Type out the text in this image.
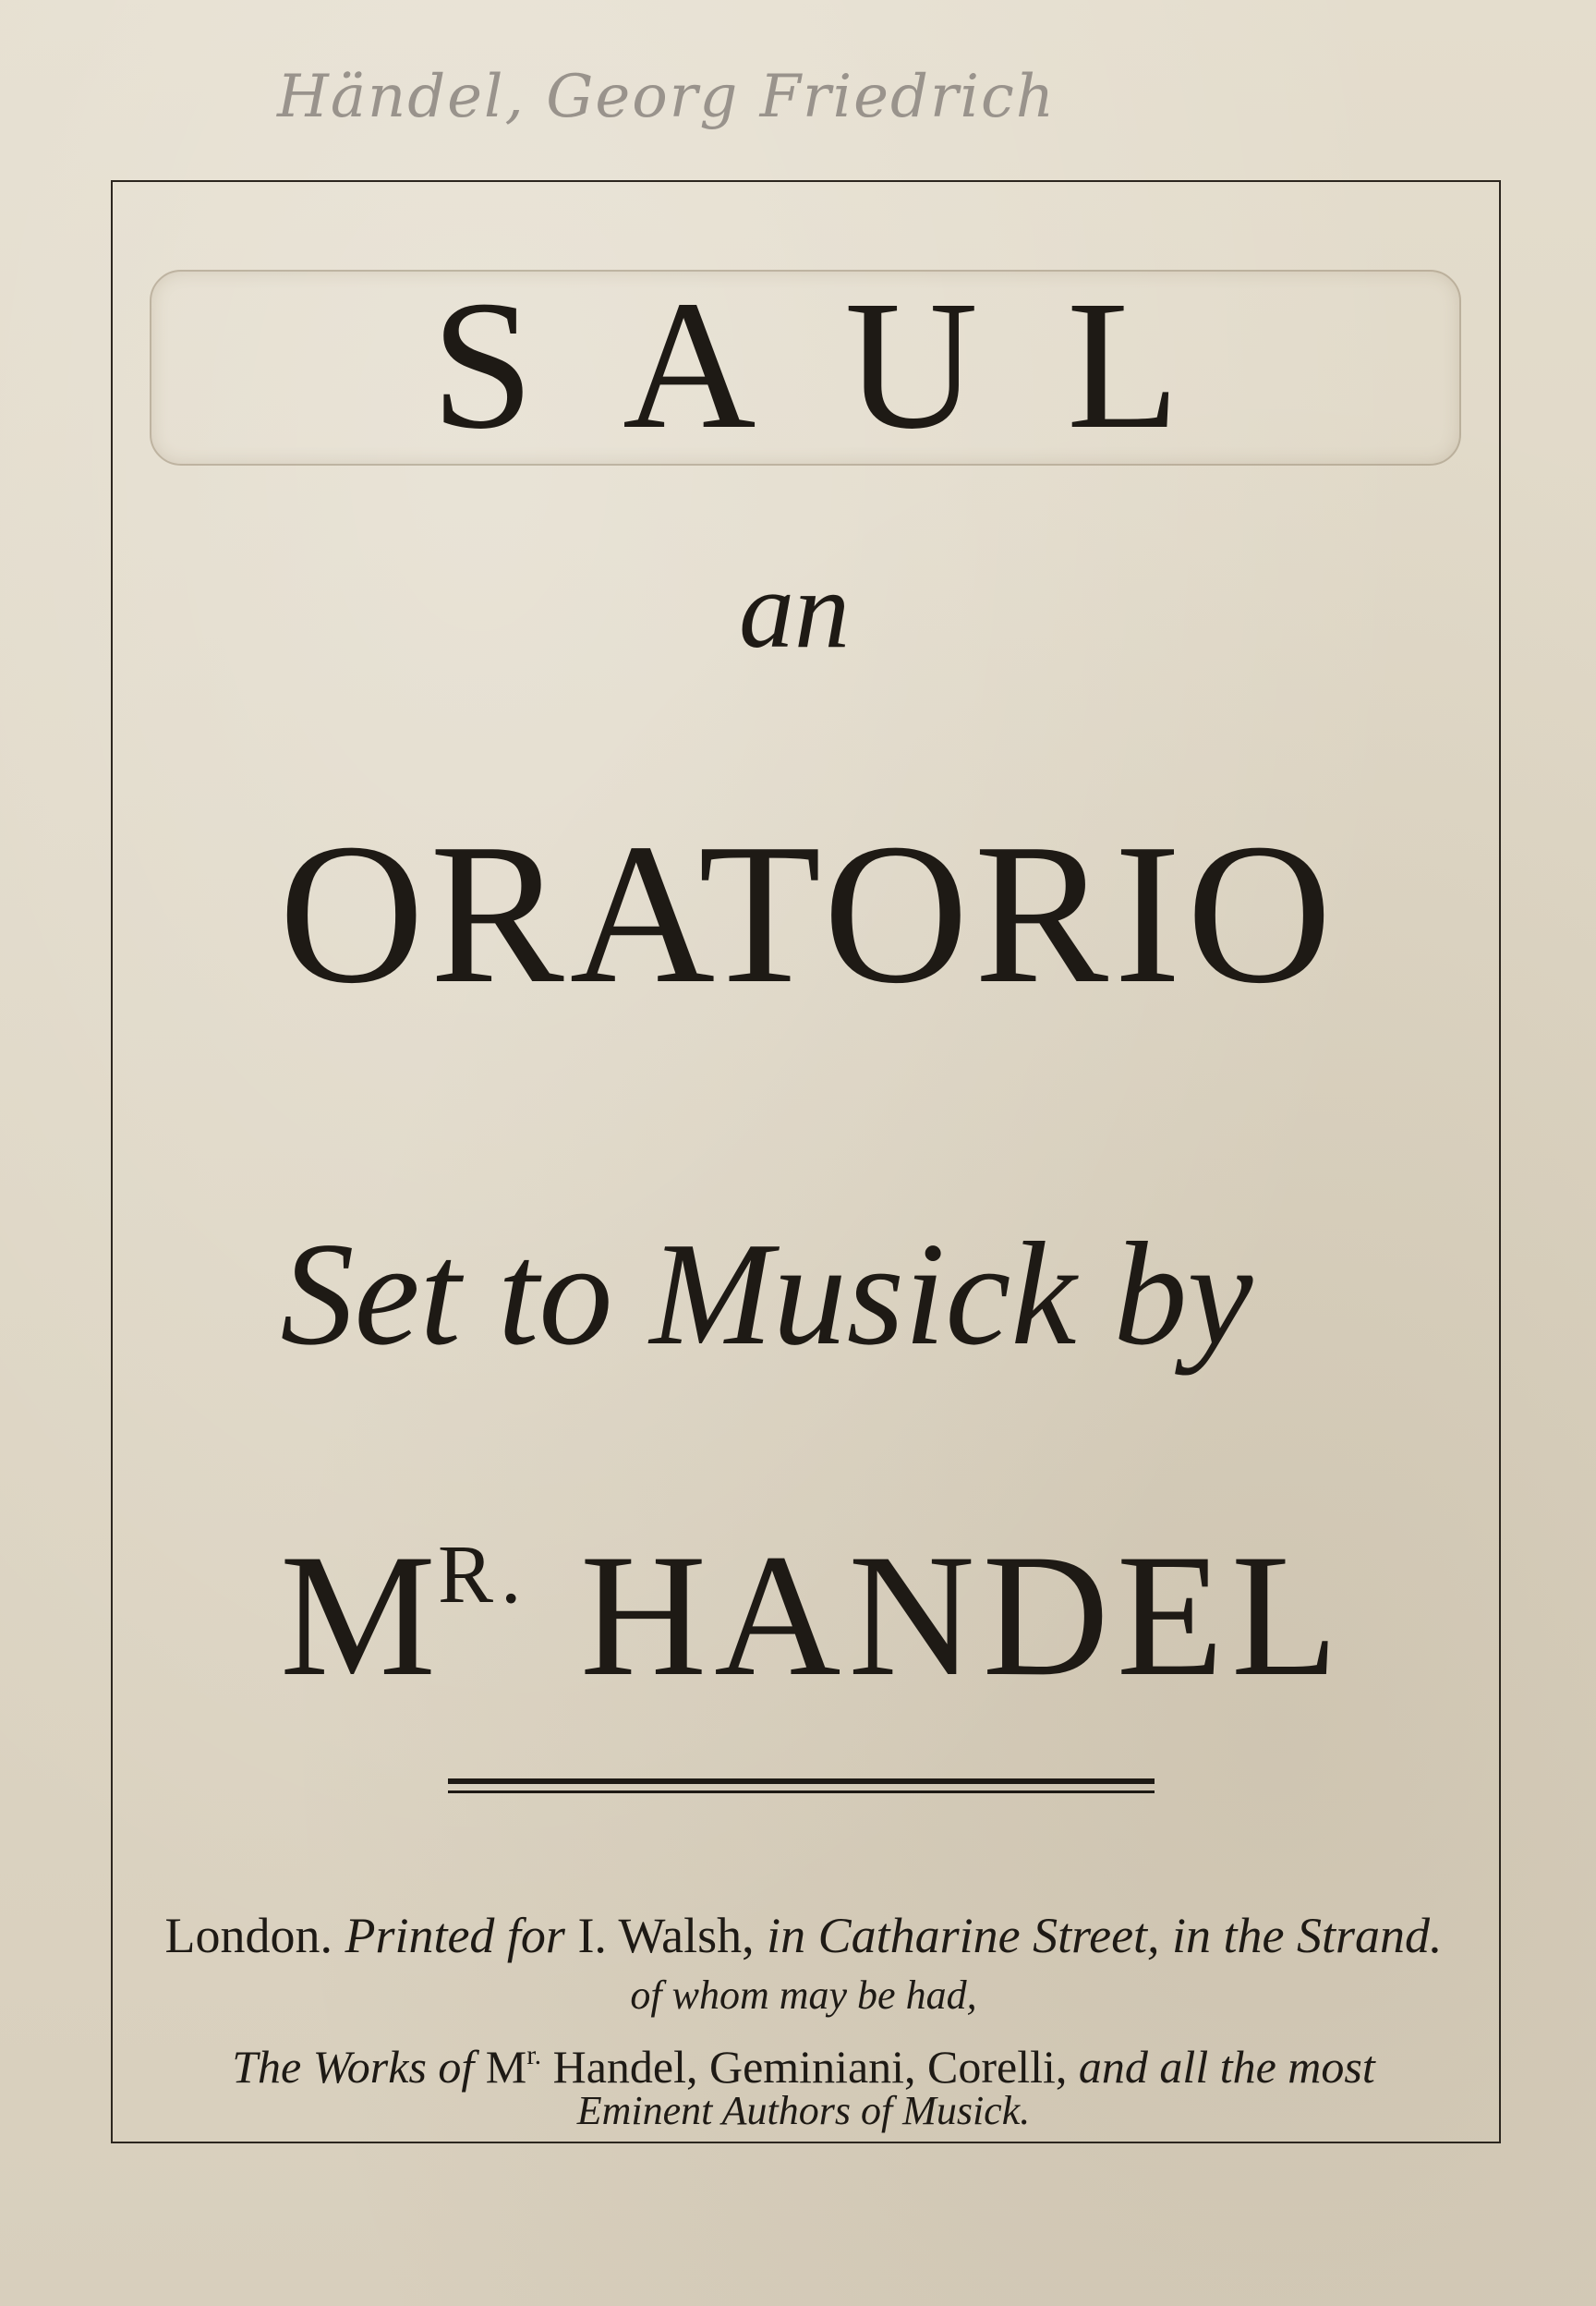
Händel, Georg Friedrich
SAUL
an
ORATORIO
Set to Musick by
$M^{R.}$ HANDEL
London. Printed for I. Walsh, in Catharine Street, in the Strand.
of whom may be had,
The Works of $M^{r.}$ Handel, Geminiani, Corelli, and all the most
Eminent Authors of Musick.
